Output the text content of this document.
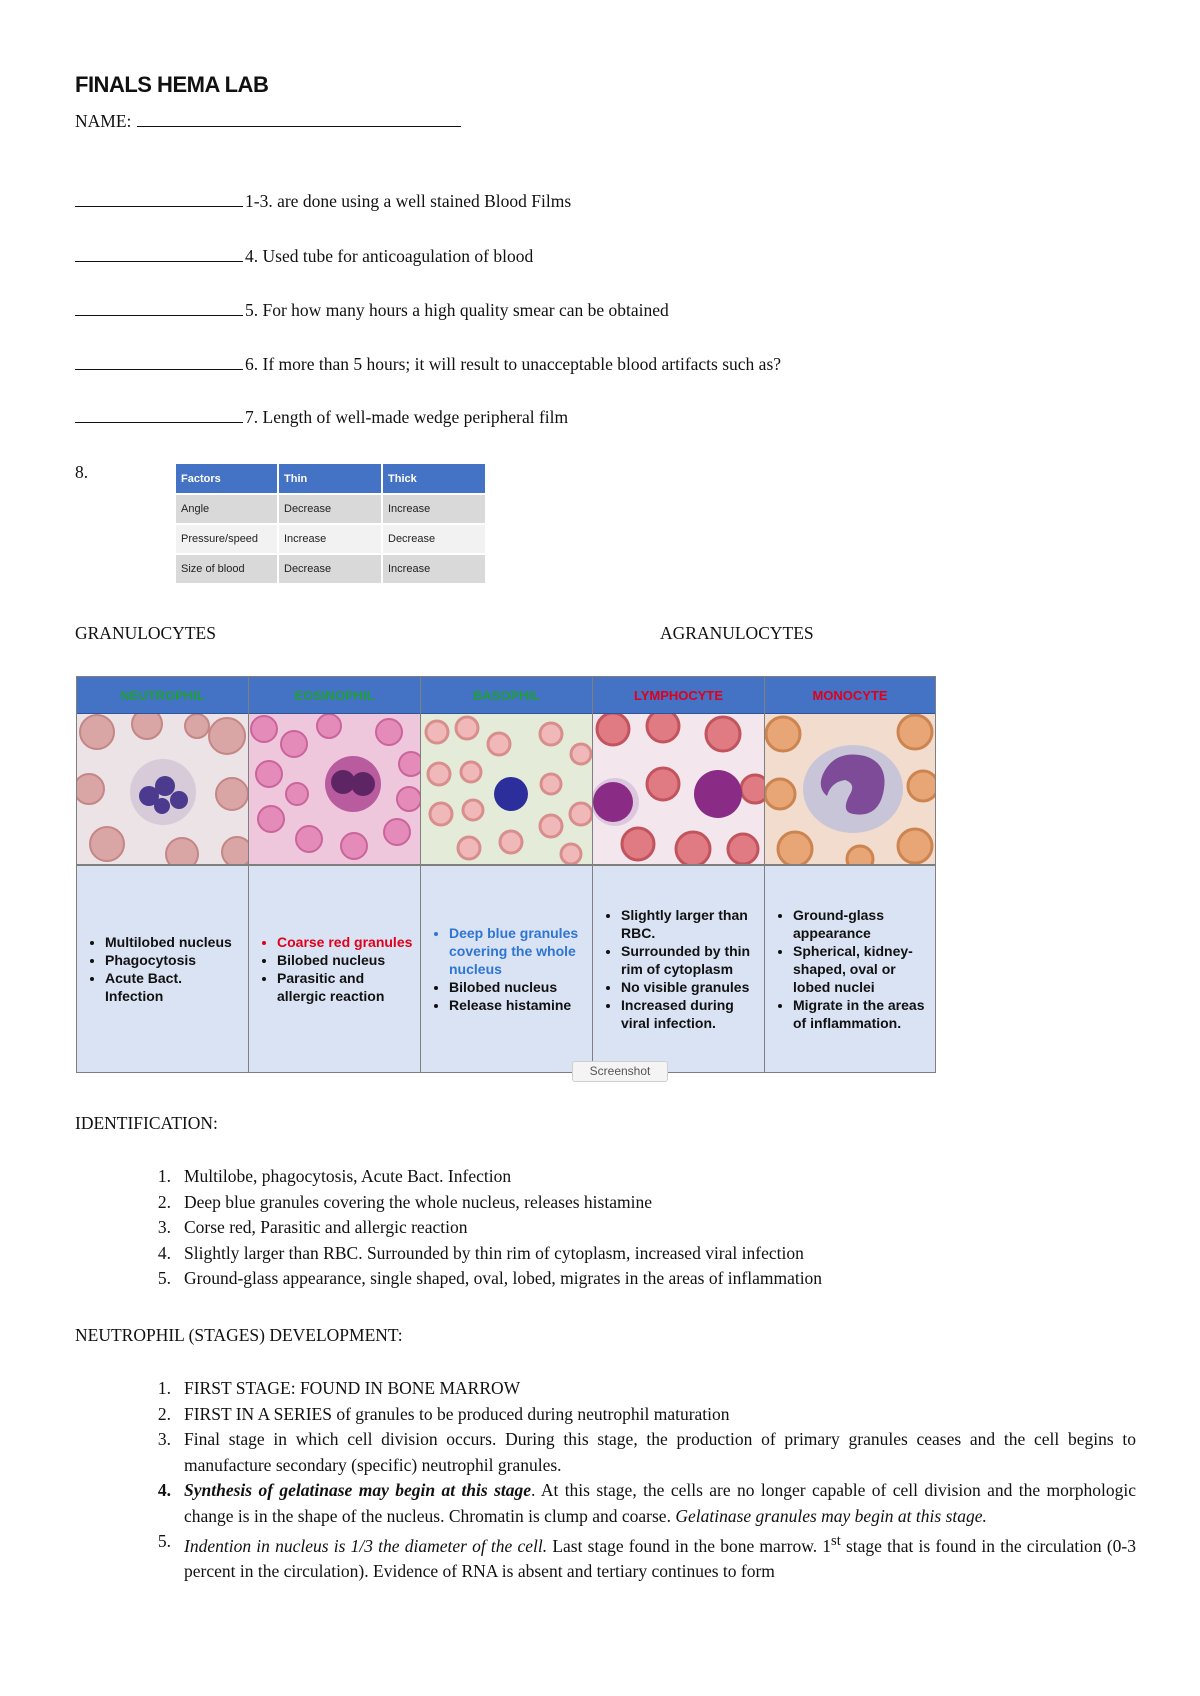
FINALS HEMA LAB
NAME:
1-3. are done using a well stained Blood Films
4. Used tube for anticoagulation of blood
5. For how many hours a high quality smear can be obtained
6. If more than 5 hours; it will result to unacceptable blood artifacts such as?
7. Length of well-made wedge peripheral film
8.	Factors	Thin	Thick
Angle	Decrease	Increase
Pressure/speed	Increase	Decrease
Size of blood	Decrease	Increase
GRANULOCYTES	AGRANULOCYTES
NEUTROPHIL
• Multilobed nucleus
• Phagocytosis
• Acute Bact. Infection
EOSINOPHIL
• Coarse red granules
• Bilobed nucleus
• Parasitic and allergic reaction
BASOPHIL
• Deep blue granules covering the whole nucleus
• Bilobed nucleus
• Release histamine
LYMPHOCYTE
• Slightly larger than RBC.
• Surrounded by thin rim of cytoplasm
• No visible granules
• Increased during viral infection.
MONOCYTE
• Ground-glass appearance
• Spherical, kidney-shaped, oval or lobed nuclei
• Migrate in the areas of inflammation.
Screenshot
IDENTIFICATION:
1. Multilobe, phagocytosis, Acute Bact. Infection
2. Deep blue granules covering the whole nucleus, releases histamine
3. Corse red, Parasitic and allergic reaction
4. Slightly larger than RBC. Surrounded by thin rim of cytoplasm, increased viral infection
5. Ground-glass appearance, single shaped, oval, lobed, migrates in the areas of inflammation
NEUTROPHIL (STAGES) DEVELOPMENT:
1. FIRST STAGE: FOUND IN BONE MARROW
2. FIRST IN A SERIES of granules to be produced during neutrophil maturation
3. Final stage in which cell division occurs. During this stage, the production of primary granules ceases and the cell begins to manufacture secondary (specific) neutrophil granules.
4. Synthesis of gelatinase may begin at this stage. At this stage, the cells are no longer capable of cell division and the morphologic change is in the shape of the nucleus. Chromatin is clump and coarse. Gelatinase granules may begin at this stage.
5. Indention in nucleus is 1/3 the diameter of the cell. Last stage found in the bone marrow. 1st stage that is found in the circulation (0-3 percent in the circulation). Evidence of RNA is absent and tertiary continues to form
